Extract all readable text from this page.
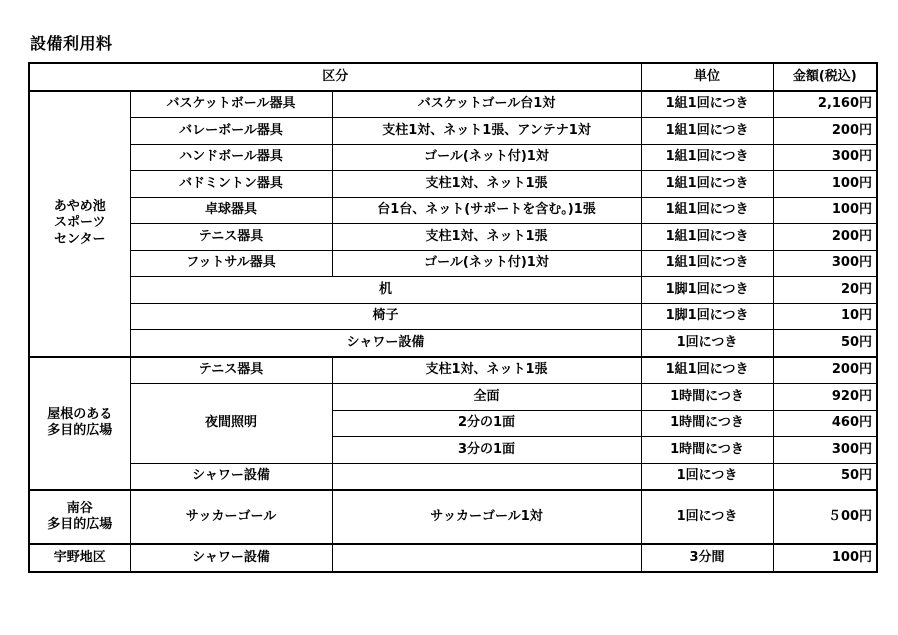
設備利用料
区分			単位	金額(税込)

あやめ池
スポーツ
センター	バスケットボール器具	バスケットゴール台1対	1組1回につき	2,160円
	バレーボール器具	支柱1対、ネット1張、アンテナ1対	1組1回につき	200円
	ハンドボール器具	ゴール(ネット付)1対	1組1回につき	300円
	バドミントン器具	支柱1対、ネット1張	1組1回につき	100円
	卓球器具	台1台、ネット(サポートを含む。)1張	1組1回につき	100円
	テニス器具	支柱1対、ネット1張	1組1回につき	200円
	フットサル器具	ゴール(ネット付)1対	1組1回につき	300円
	机		1脚1回につき	20円
	椅子		1脚1回につき	10円
	シャワー設備		1回につき	50円

屋根のある
多目的広場	テニス器具	支柱1対、ネット1張	1組1回につき	200円
	夜間照明	全面	1時間につき	920円
		2分の1面	1時間につき	460円
		3分の1面	1時間につき	300円
	シャワー設備		1回につき	50円

南谷
多目的広場	サッカーゴール	サッカーゴール1対	1回につき	５00円
宇野地区	シャワー設備		3分間	100円
